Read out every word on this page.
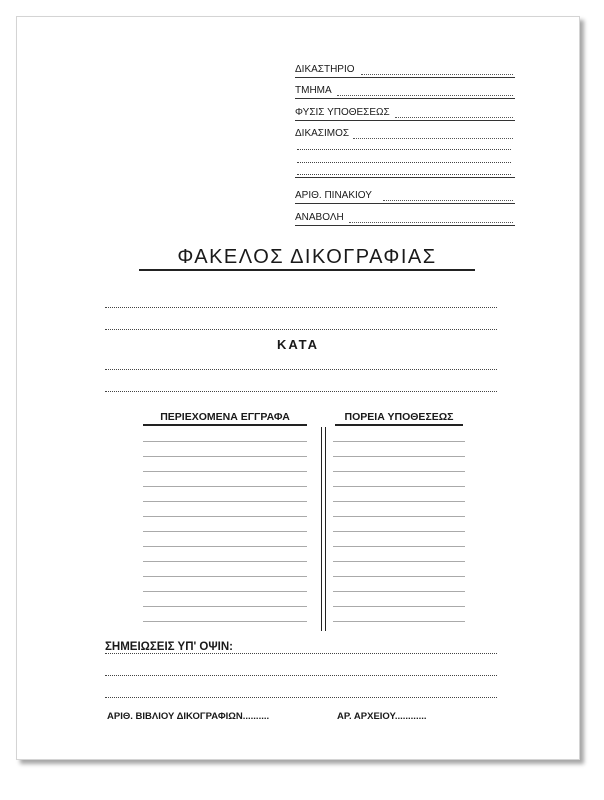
ΔΙΚΑΣΤΗΡΙΟ
ΤΜΗΜΑ
ΦΥΣΙΣ ΥΠΟΘΕΣΕΩΣ
ΔΙΚΑΣΙΜΟΣ
ΑΡΙΘ. ΠΙΝΑΚΙΟΥ
ΑΝΑΒΟΛΗ
ΦΑΚΕΛΟΣ ΔΙΚΟΓΡΑΦΙΑΣ
ΚΑΤΑ
ΠΕΡΙΕΧΟΜΕΝΑ ΕΓΓΡΑΦΑ	ΠΟΡΕΙΑ ΥΠΟΘΕΣΕΩΣ
ΣΗΜΕΙΩΣΕΙΣ ΥΠ' ΟΨΙΝ:
ΑΡΙΘ. ΒΙΒΛΙΟΥ ΔΙΚΟΓΡΑΦΙΩΝ..........	ΑΡ. ΑΡΧΕΙΟΥ............
